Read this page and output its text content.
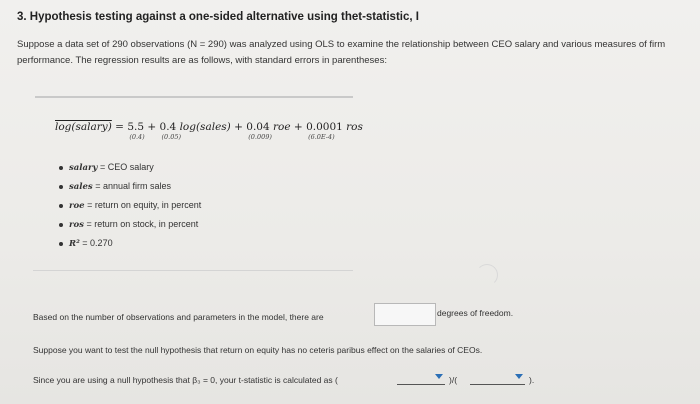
3. Hypothesis testing against a one-sided alternative using thet-statistic, I
Suppose a data set of 290 observations (N = 290) was analyzed using OLS to examine the relationship between CEO salary and various measures of firm performance. The regression results are as follows, with standard errors in parentheses:
log(salary) = 5.5
(0.4)
+ 0.4
(0.05)
log(sales) + 0.04
(0.009)
roe + 0.0001
(6.0E-4)
ros
salary = CEO salary
sales = annual firm sales
roe = return on equity, in percent
ros = return on stock, in percent
R² = 0.270
Based on the number of observations and parameters in the model, there are	degrees of freedom.
Suppose you want to test the null hypothesis that return on equity has no ceteris paribus effect on the salaries of CEOs.
Since you are using a null hypothesis that β₃ = 0, your t-statistic is calculated as (	)/(	).
